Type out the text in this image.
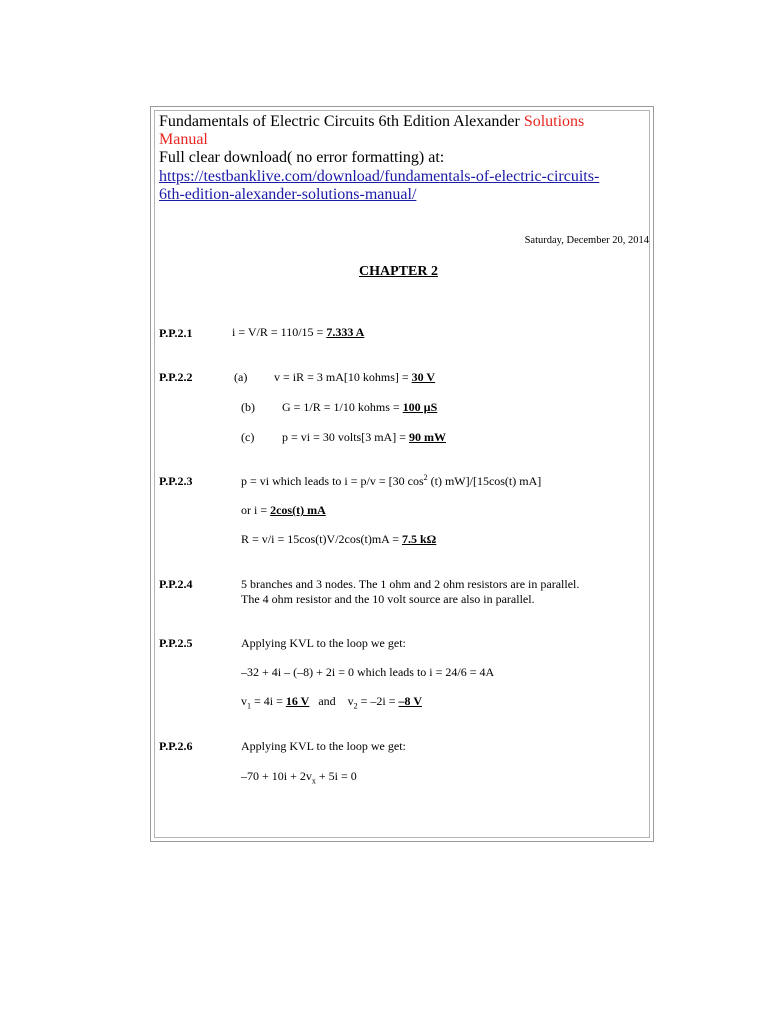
Fundamentals of Electric Circuits 6th Edition Alexander Solutions
Manual
Full clear download( no error formatting) at:
https://testbanklive.com/download/fundamentals-of-electric-circuits-
6th-edition-alexander-solutions-manual/
Saturday, December 20, 2014
CHAPTER 2
P.P.2.1	i = V/R = 110/15 = 7.333 A
P.P.2.2	(a) v = iR = 3 mA[10 kohms] = 30 V
(b) G = 1/R = 1/10 kohms = 100 µS
(c) p = vi = 30 volts[3 mA] = 90 mW
P.P.2.3	p = vi which leads to i = p/v = [30 $\cos^2 (t)$ mW]/[15cos(t) mA]
or i = 2cos(t) mA
R = v/i = 15cos(t)V/2cos(t)mA = 7.5 kΩ
P.P.2.4	5 branches and 3 nodes. The 1 ohm and 2 ohm resistors are in parallel.
The 4 ohm resistor and the 10 volt source are also in parallel.
P.P.2.5	Applying KVL to the loop we get:
–32 + 4i – (–8) + 2i = 0 which leads to i = 24/6 = 4A
$v_1 = 4i = 16$ V   and    $v_2 = -2i = -8$ V
P.P.2.6	Applying KVL to the loop we get:
$-70 + 10i + 2v_x + 5i = 0$
